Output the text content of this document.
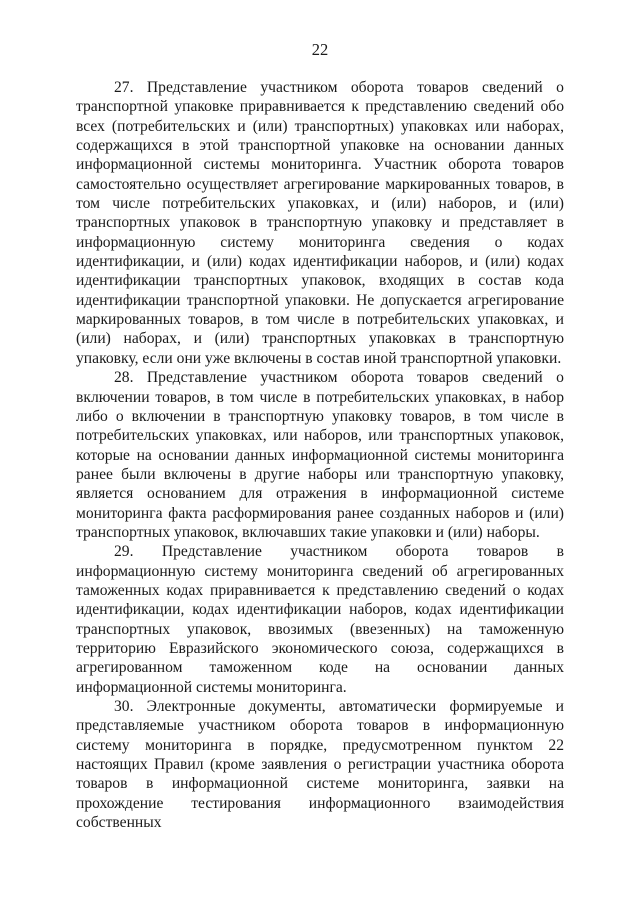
22

27. Представление участником оборота товаров сведений о транспортной упаковке приравнивается к представлению сведений обо всех (потребительских и (или) транспортных) упаковках или наборах, содержащихся в этой транспортной упаковке на основании данных информационной системы мониторинга. Участник оборота товаров самостоятельно осуществляет агрегирование маркированных товаров, в том числе потребительских упаковках, и (или) наборов, и (или) транспортных упаковок в транспортную упаковку и представляет в информационную систему мониторинга сведения о кодах идентификации, и (или) кодах идентификации наборов, и (или) кодах идентификации транспортных упаковок, входящих в состав кода идентификации транспортной упаковки. Не допускается агрегирование маркированных товаров, в том числе в потребительских упаковках, и (или) наборах, и (или) транспортных упаковках в транспортную упаковку, если они уже включены в состав иной транспортной упаковки.

28. Представление участником оборота товаров сведений о включении товаров, в том числе в потребительских упаковках, в набор либо о включении в транспортную упаковку товаров, в том числе в потребительских упаковках, или наборов, или транспортных упаковок, которые на основании данных информационной системы мониторинга ранее были включены в другие наборы или транспортную упаковку, является основанием для отражения в информационной системе мониторинга факта расформирования ранее созданных наборов и (или) транспортных упаковок, включавших такие упаковки и (или) наборы.

29. Представление участником оборота товаров в информационную систему мониторинга сведений об агрегированных таможенных кодах приравнивается к представлению сведений о кодах идентификации, кодах идентификации наборов, кодах идентификации транспортных упаковок, ввозимых (ввезенных) на таможенную территорию Евразийского экономического союза, содержащихся в агрегированном таможенном коде на основании данных информационной системы мониторинга.

30. Электронные документы, автоматически формируемые и представляемые участником оборота товаров в информационную систему мониторинга в порядке, предусмотренном пунктом 22 настоящих Правил (кроме заявления о регистрации участника оборота товаров в информационной системе мониторинга, заявки на прохождение тестирования информационного взаимодействия собственных
